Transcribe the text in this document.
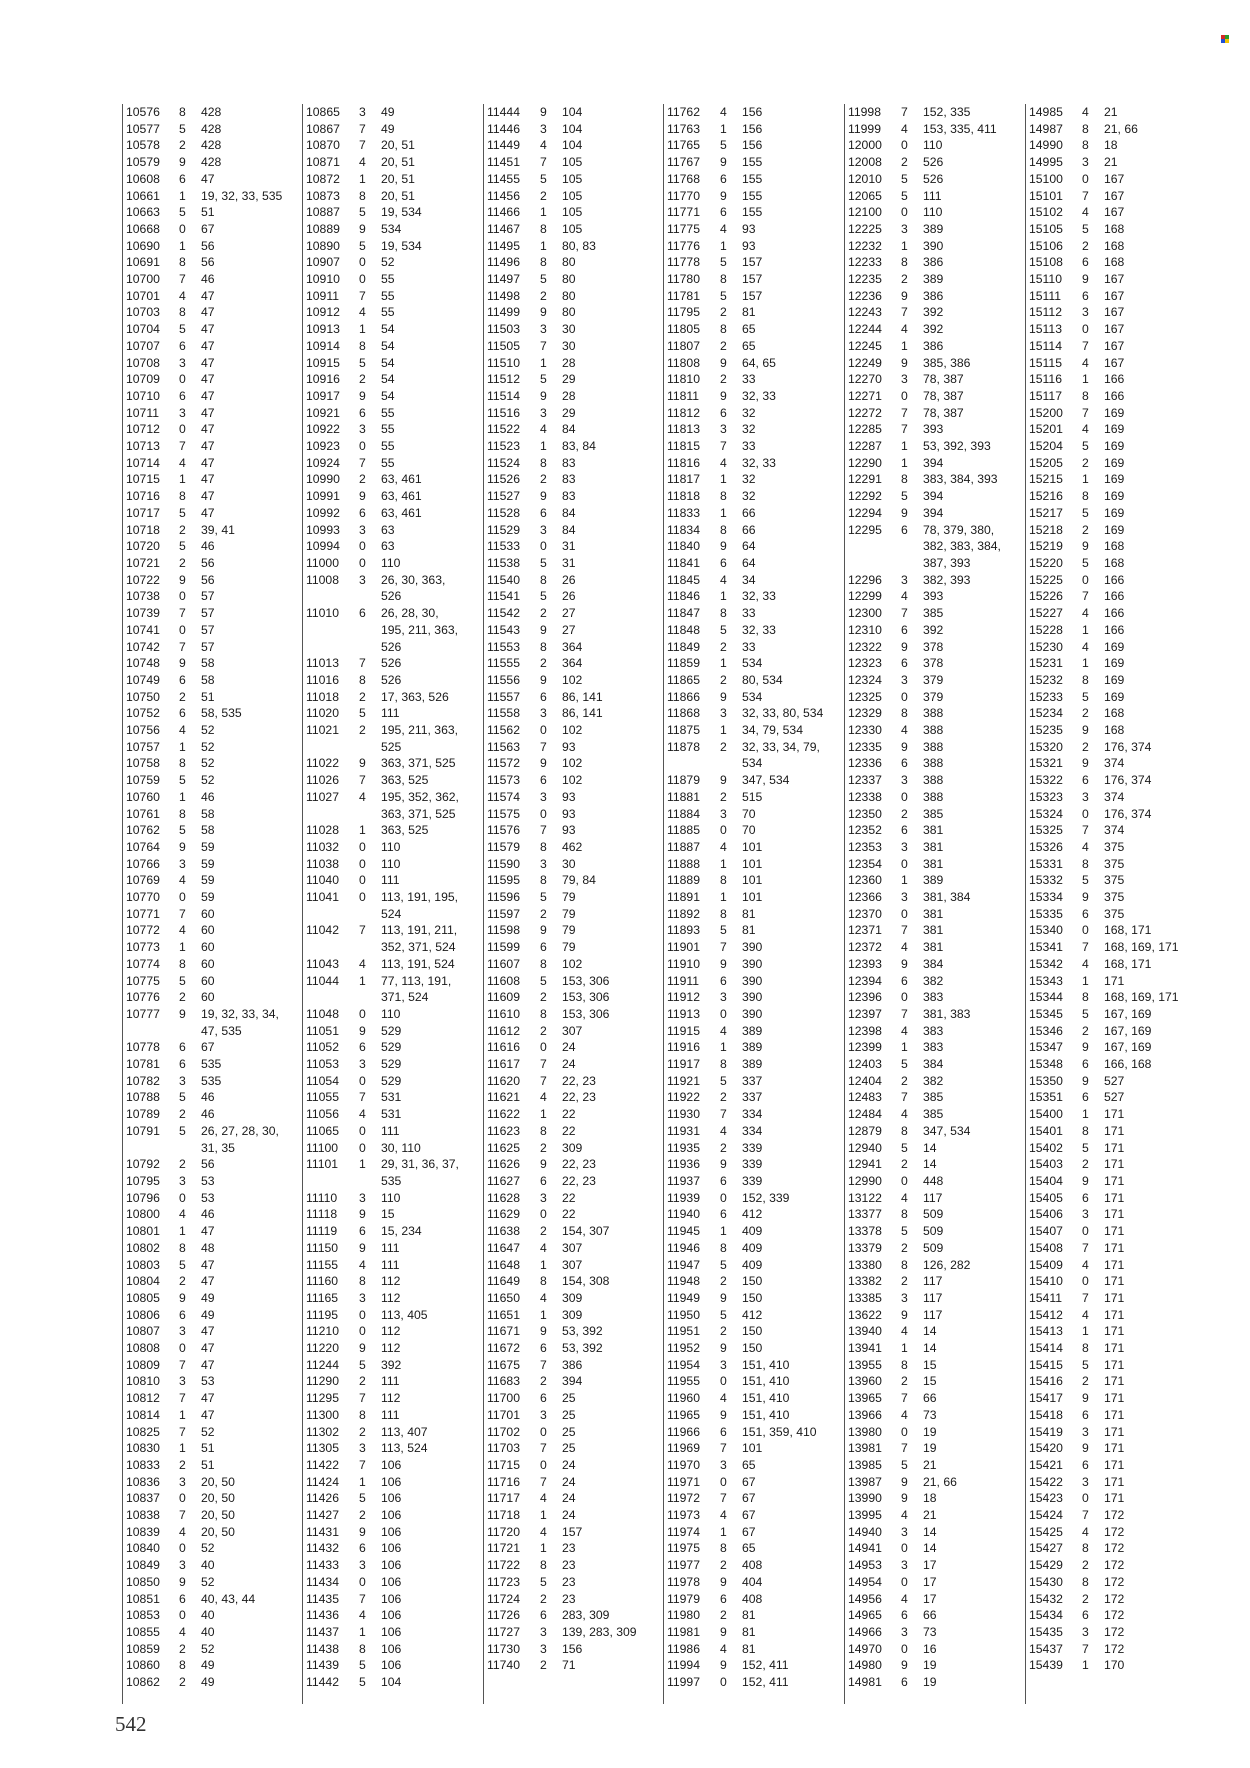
10576	8	428
10577	5	428
10578	2	428
10579	9	428
10608	6	47
10661	1	19, 32, 33, 535
10663	5	51
10668	0	67
10690	1	56
10691	8	56
10700	7	46
10701	4	47
10703	8	47
10704	5	47
10707	6	47
10708	3	47
10709	0	47
10710	6	47
10711	3	47
10712	0	47
10713	7	47
10714	4	47
10715	1	47
10716	8	47
10717	5	47
10718	2	39, 41
10720	5	46
10721	2	56
10722	9	56
10738	0	57
10739	7	57
10741	0	57
10742	7	57
10748	9	58
10749	6	58
10750	2	51
10752	6	58, 535
10756	4	52
10757	1	52
10758	8	52
10759	5	52
10760	1	46
10761	8	58
10762	5	58
10764	9	59
10766	3	59
10769	4	59
10770	0	59
10771	7	60
10772	4	60
10773	1	60
10774	8	60
10775	5	60
10776	2	60
10777	9	19, 32, 33, 34,
47, 535
10778	6	67
10781	6	535
10782	3	535
10788	5	46
10789	2	46
10791	5	26, 27, 28, 30,
31, 35
10792	2	56
10795	3	53
10796	0	53
10800	4	46
10801	1	47
10802	8	48
10803	5	47
10804	2	47
10805	9	49
10806	6	49
10807	3	47
10808	0	47
10809	7	47
10810	3	53
10812	7	47
10814	1	47
10825	7	52
10830	1	51
10833	2	51
10836	3	20, 50
10837	0	20, 50
10838	7	20, 50
10839	4	20, 50
10840	0	52
10849	3	40
10850	9	52
10851	6	40, 43, 44
10853	0	40
10855	4	40
10859	2	52
10860	8	49
10862	2	49
10865	3	49
10867	7	49
10870	7	20, 51
10871	4	20, 51
10872	1	20, 51
10873	8	20, 51
10887	5	19, 534
10889	9	534
10890	5	19, 534
10907	0	52
10910	0	55
10911	7	55
10912	4	55
10913	1	54
10914	8	54
10915	5	54
10916	2	54
10917	9	54
10921	6	55
10922	3	55
10923	0	55
10924	7	55
10990	2	63, 461
10991	9	63, 461
10992	6	63, 461
10993	3	63
10994	0	63
11000	0	110
11008	3	26, 30, 363,
526
11010	6	26, 28, 30,
195, 211, 363,
526
11013	7	526
11016	8	526
11018	2	17, 363, 526
11020	5	111
11021	2	195, 211, 363,
525
11022	9	363, 371, 525
11026	7	363, 525
11027	4	195, 352, 362,
363, 371, 525
11028	1	363, 525
11032	0	110
11038	0	110
11040	0	111
11041	0	113, 191, 195,
524
11042	7	113, 191, 211,
352, 371, 524
11043	4	113, 191, 524
11044	1	77, 113, 191,
371, 524
11048	0	110
11051	9	529
11052	6	529
11053	3	529
11054	0	529
11055	7	531
11056	4	531
11065	0	111
11100	0	30, 110
11101	1	29, 31, 36, 37,
535
11110	3	110
11118	9	15
11119	6	15, 234
11150	9	111
11155	4	111
11160	8	112
11165	3	112
11195	0	113, 405
11210	0	112
11220	9	112
11244	5	392
11290	2	111
11295	7	112
11300	8	111
11302	2	113, 407
11305	3	113, 524
11422	7	106
11424	1	106
11426	5	106
11427	2	106
11431	9	106
11432	6	106
11433	3	106
11434	0	106
11435	7	106
11436	4	106
11437	1	106
11438	8	106
11439	5	106
11442	5	104
11444	9	104
11446	3	104
11449	4	104
11451	7	105
11455	5	105
11456	2	105
11466	1	105
11467	8	105
11495	1	80, 83
11496	8	80
11497	5	80
11498	2	80
11499	9	80
11503	3	30
11505	7	30
11510	1	28
11512	5	29
11514	9	28
11516	3	29
11522	4	84
11523	1	83, 84
11524	8	83
11526	2	83
11527	9	83
11528	6	84
11529	3	84
11533	0	31
11538	5	31
11540	8	26
11541	5	26
11542	2	27
11543	9	27
11553	8	364
11555	2	364
11556	9	102
11557	6	86, 141
11558	3	86, 141
11562	0	102
11563	7	93
11572	9	102
11573	6	102
11574	3	93
11575	0	93
11576	7	93
11579	8	462
11590	3	30
11595	8	79, 84
11596	5	79
11597	2	79
11598	9	79
11599	6	79
11607	8	102
11608	5	153, 306
11609	2	153, 306
11610	8	153, 306
11612	2	307
11616	0	24
11617	7	24
11620	7	22, 23
11621	4	22, 23
11622	1	22
11623	8	22
11625	2	309
11626	9	22, 23
11627	6	22, 23
11628	3	22
11629	0	22
11638	2	154, 307
11647	4	307
11648	1	307
11649	8	154, 308
11650	4	309
11651	1	309
11671	9	53, 392
11672	6	53, 392
11675	7	386
11683	2	394
11700	6	25
11701	3	25
11702	0	25
11703	7	25
11715	0	24
11716	7	24
11717	4	24
11718	1	24
11720	4	157
11721	1	23
11722	8	23
11723	5	23
11724	2	23
11726	6	283, 309
11727	3	139, 283, 309
11730	3	156
11740	2	71
11762	4	156
11763	1	156
11765	5	156
11767	9	155
11768	6	155
11770	9	155
11771	6	155
11775	4	93
11776	1	93
11778	5	157
11780	8	157
11781	5	157
11795	2	81
11805	8	65
11807	2	65
11808	9	64, 65
11810	2	33
11811	9	32, 33
11812	6	32
11813	3	32
11815	7	33
11816	4	32, 33
11817	1	32
11818	8	32
11833	1	66
11834	8	66
11840	9	64
11841	6	64
11845	4	34
11846	1	32, 33
11847	8	33
11848	5	32, 33
11849	2	33
11859	1	534
11865	2	80, 534
11866	9	534
11868	3	32, 33, 80, 534
11875	1	34, 79, 534
11878	2	32, 33, 34, 79,
534
11879	9	347, 534
11881	2	515
11884	3	70
11885	0	70
11887	4	101
11888	1	101
11889	8	101
11891	1	101
11892	8	81
11893	5	81
11901	7	390
11910	9	390
11911	6	390
11912	3	390
11913	0	390
11915	4	389
11916	1	389
11917	8	389
11921	5	337
11922	2	337
11930	7	334
11931	4	334
11935	2	339
11936	9	339
11937	6	339
11939	0	152, 339
11940	6	412
11945	1	409
11946	8	409
11947	5	409
11948	2	150
11949	9	150
11950	5	412
11951	2	150
11952	9	150
11954	3	151, 410
11955	0	151, 410
11960	4	151, 410
11965	9	151, 410
11966	6	151, 359, 410
11969	7	101
11970	3	65
11971	0	67
11972	7	67
11973	4	67
11974	1	67
11975	8	65
11977	2	408
11978	9	404
11979	6	408
11980	2	81
11981	9	81
11986	4	81
11994	9	152, 411
11997	0	152, 411
11998	7	152, 335
11999	4	153, 335, 411
12000	0	110
12008	2	526
12010	5	526
12065	5	111
12100	0	110
12225	3	389
12232	1	390
12233	8	386
12235	2	389
12236	9	386
12243	7	392
12244	4	392
12245	1	386
12249	9	385, 386
12270	3	78, 387
12271	0	78, 387
12272	7	78, 387
12285	7	393
12287	1	53, 392, 393
12290	1	394
12291	8	383, 384, 393
12292	5	394
12294	9	394
12295	6	78, 379, 380,
382, 383, 384,
387, 393
12296	3	382, 393
12299	4	393
12300	7	385
12310	6	392
12322	9	378
12323	6	378
12324	3	379
12325	0	379
12329	8	388
12330	4	388
12335	9	388
12336	6	388
12337	3	388
12338	0	388
12350	2	385
12352	6	381
12353	3	381
12354	0	381
12360	1	389
12366	3	381, 384
12370	0	381
12371	7	381
12372	4	381
12393	9	384
12394	6	382
12396	0	383
12397	7	381, 383
12398	4	383
12399	1	383
12403	5	384
12404	2	382
12483	7	385
12484	4	385
12879	8	347, 534
12940	5	14
12941	2	14
12990	0	448
13122	4	117
13377	8	509
13378	5	509
13379	2	509
13380	8	126, 282
13382	2	117
13385	3	117
13622	9	117
13940	4	14
13941	1	14
13955	8	15
13960	2	15
13965	7	66
13966	4	73
13980	0	19
13981	7	19
13985	5	21
13987	9	21, 66
13990	9	18
13995	4	21
14940	3	14
14941	0	14
14953	3	17
14954	0	17
14956	4	17
14965	6	66
14966	3	73
14970	0	16
14980	9	19
14981	6	19
14985	4	21
14987	8	21, 66
14990	8	18
14995	3	21
15100	0	167
15101	7	167
15102	4	167
15105	5	168
15106	2	168
15108	6	168
15110	9	167
15111	6	167
15112	3	167
15113	0	167
15114	7	167
15115	4	167
15116	1	166
15117	8	166
15200	7	169
15201	4	169
15204	5	169
15205	2	169
15215	1	169
15216	8	169
15217	5	169
15218	2	169
15219	9	168
15220	5	168
15225	0	166
15226	7	166
15227	4	166
15228	1	166
15230	4	169
15231	1	169
15232	8	169
15233	5	169
15234	2	168
15235	9	168
15320	2	176, 374
15321	9	374
15322	6	176, 374
15323	3	374
15324	0	176, 374
15325	7	374
15326	4	375
15331	8	375
15332	5	375
15334	9	375
15335	6	375
15340	0	168, 171
15341	7	168, 169, 171
15342	4	168, 171
15343	1	171
15344	8	168, 169, 171
15345	5	167, 169
15346	2	167, 169
15347	9	167, 169
15348	6	166, 168
15350	9	527
15351	6	527
15400	1	171
15401	8	171
15402	5	171
15403	2	171
15404	9	171
15405	6	171
15406	3	171
15407	0	171
15408	7	171
15409	4	171
15410	0	171
15411	7	171
15412	4	171
15413	1	171
15414	8	171
15415	5	171
15416	2	171
15417	9	171
15418	6	171
15419	3	171
15420	9	171
15421	6	171
15422	3	171
15423	0	171
15424	7	172
15425	4	172
15427	8	172
15429	2	172
15430	8	172
15432	2	172
15434	6	172
15435	3	172
15437	7	172
15439	1	170
542
